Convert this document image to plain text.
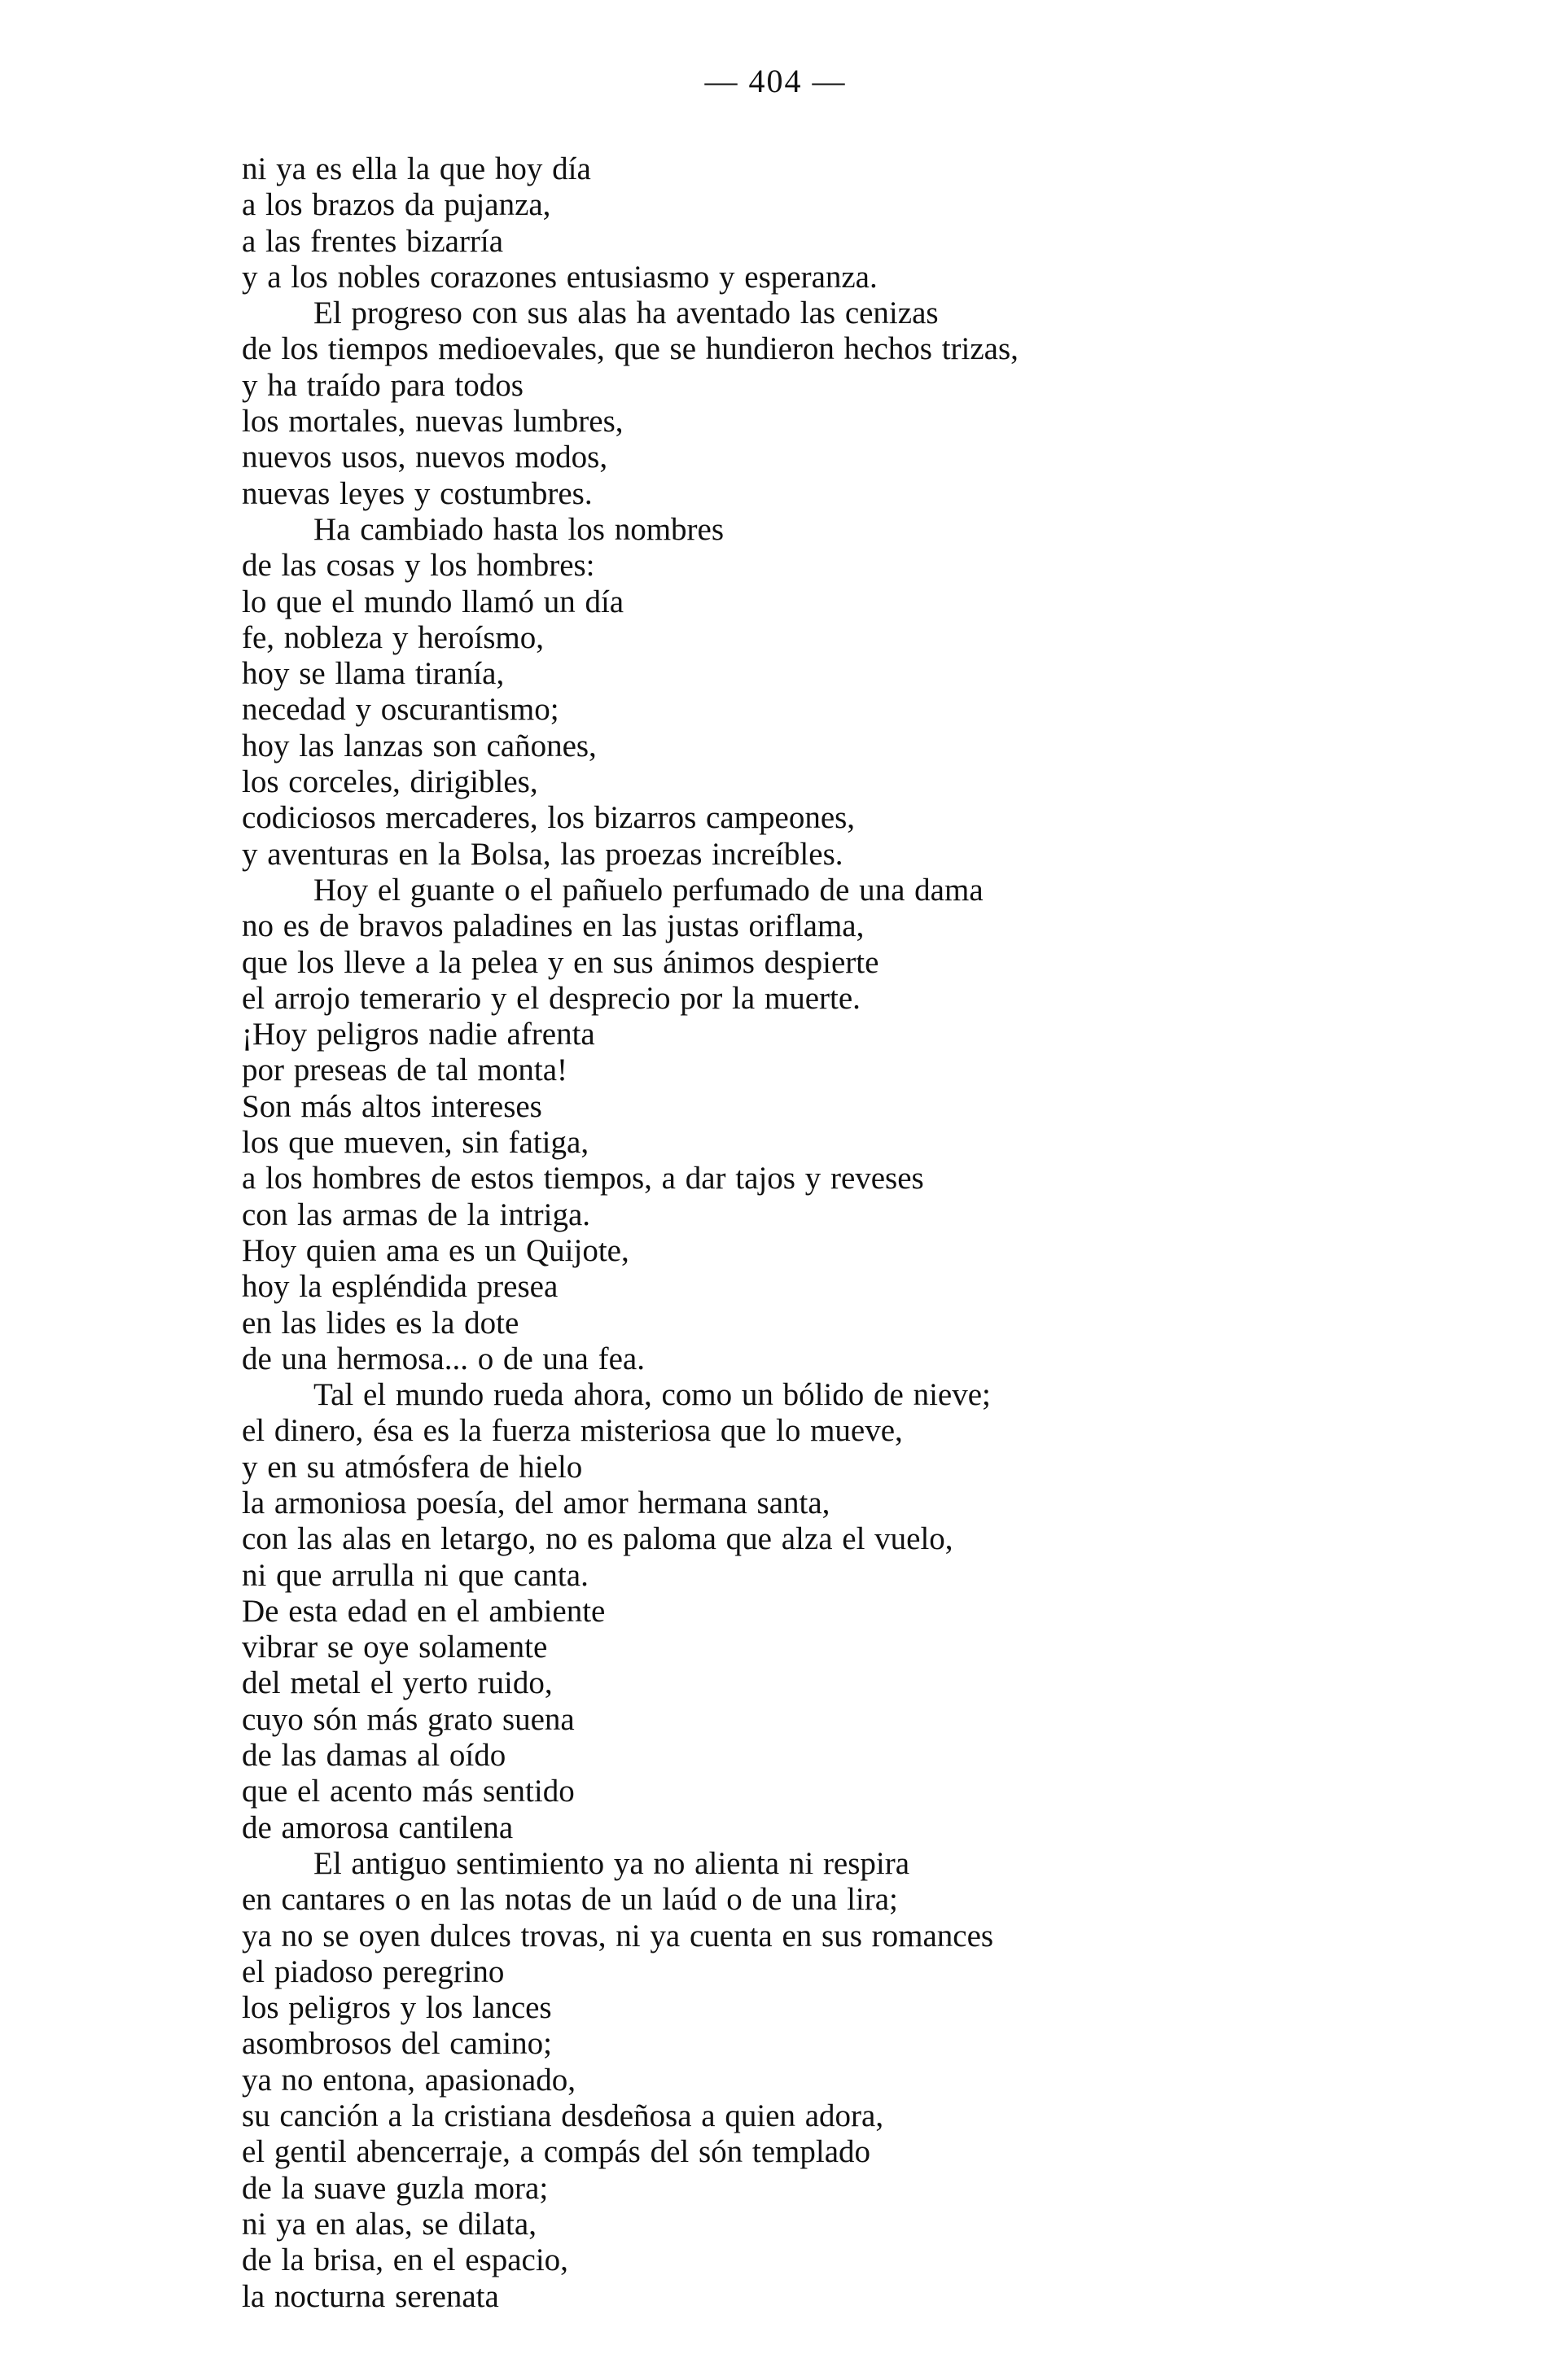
— 404 —
ni ya es ella la que hoy día
a los brazos da pujanza,
a las frentes bizarría
y a los nobles corazones entusiasmo y esperanza.
El progreso con sus alas ha aventado las cenizas
de los tiempos medioevales, que se hundieron hechos trizas,
y ha traído para todos
los mortales, nuevas lumbres,
nuevos usos, nuevos modos,
nuevas leyes y costumbres.
Ha cambiado hasta los nombres
de las cosas y los hombres:
lo que el mundo llamó un día
fe, nobleza y heroísmo,
hoy se llama tiranía,
necedad y oscurantismo;
hoy las lanzas son cañones,
los corceles, dirigibles,
codiciosos mercaderes, los bizarros campeones,
y aventuras en la Bolsa, las proezas increíbles.
Hoy el guante o el pañuelo perfumado de una dama
no es de bravos paladines en las justas oriflama,
que los lleve a la pelea y en sus ánimos despierte
el arrojo temerario y el desprecio por la muerte.
¡Hoy peligros nadie afrenta
por preseas de tal monta!
Son más altos intereses
los que mueven, sin fatiga,
a los hombres de estos tiempos, a dar tajos y reveses
con las armas de la intriga.
Hoy quien ama es un Quijote,
hoy la espléndida presea
en las lides es la dote
de una hermosa... o de una fea.
Tal el mundo rueda ahora, como un bólido de nieve;
el dinero, ésa es la fuerza misteriosa que lo mueve,
y en su atmósfera de hielo
la armoniosa poesía, del amor hermana santa,
con las alas en letargo, no es paloma que alza el vuelo,
ni que arrulla ni que canta.
De esta edad en el ambiente
vibrar se oye solamente
del metal el yerto ruido,
cuyo són más grato suena
de las damas al oído
que el acento más sentido
de amorosa cantilena
El antiguo sentimiento ya no alienta ni respira
en cantares o en las notas de un laúd o de una lira;
ya no se oyen dulces trovas, ni ya cuenta en sus romances
el piadoso peregrino
los peligros y los lances
asombrosos del camino;
ya no entona, apasionado,
su canción a la cristiana desdeñosa a quien adora,
el gentil abencerraje, a compás del són templado
de la suave guzla mora;
ni ya en alas, se dilata,
de la brisa, en el espacio,
la nocturna serenata
